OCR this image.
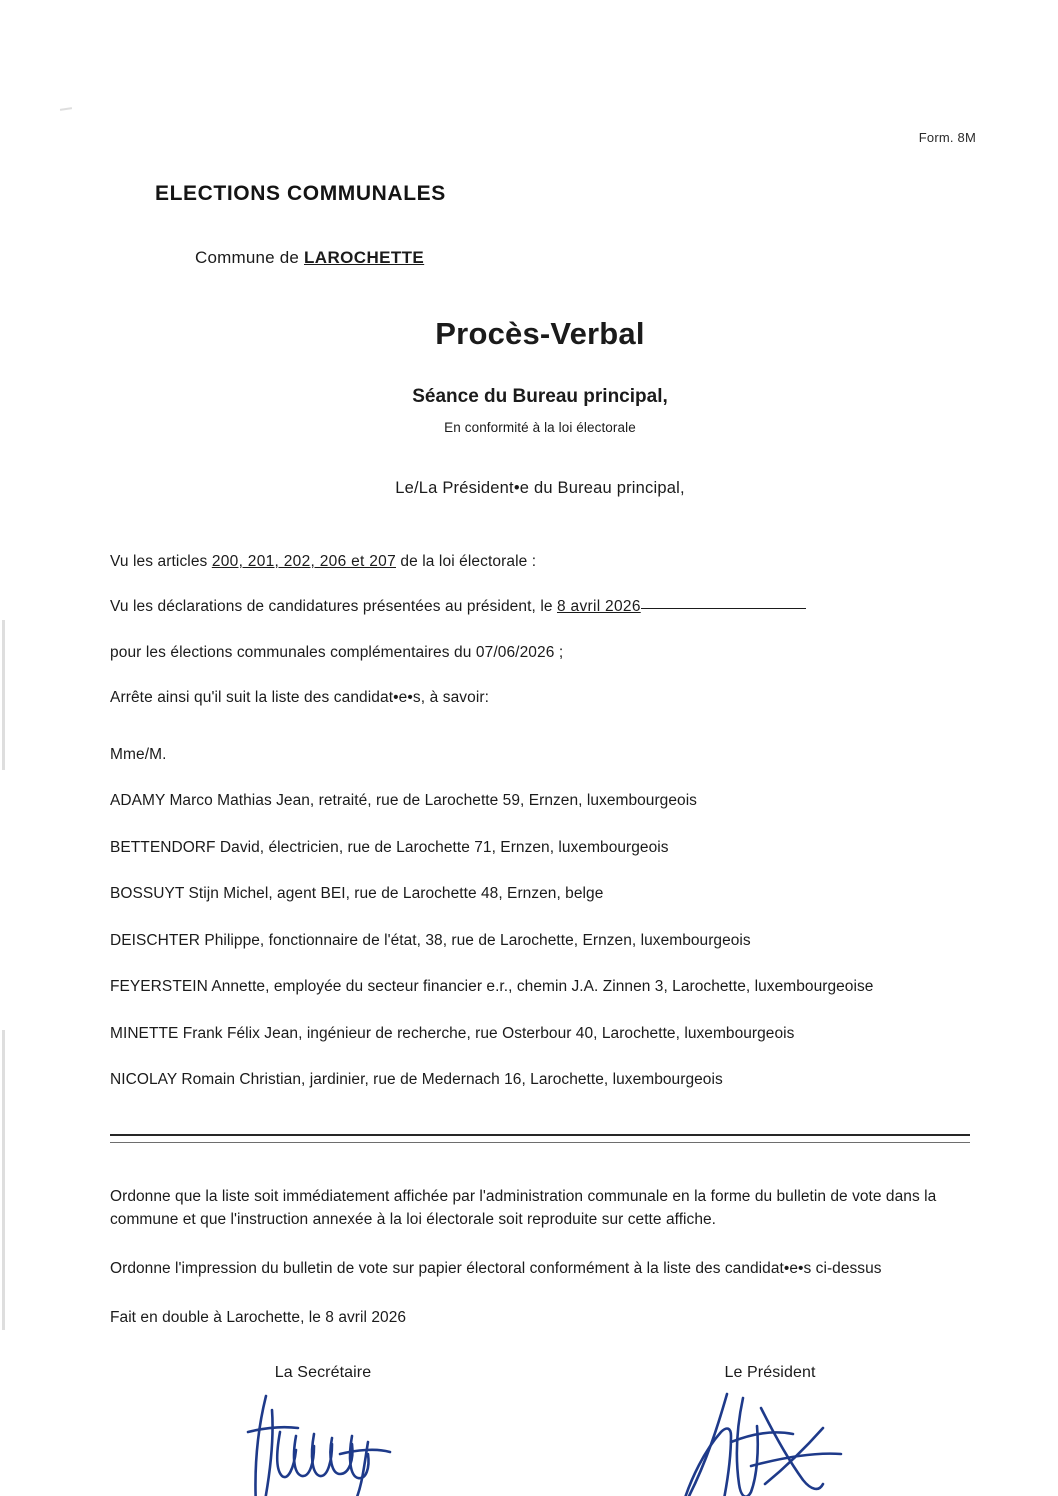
Form. 8M
ELECTIONS COMMUNALES
Commune de LAROCHETTE
Procès-Verbal
Séance du Bureau principal,
En conformité à la loi électorale
Le/La Président•e du Bureau principal,

Vu les articles 200, 201, 202, 206 et 207 de la loi électorale :

Vu les déclarations de candidatures présentées au président, le 8 avril 2026

pour les élections communales complémentaires du 07/06/2026 ;

Arrête ainsi qu'il suit la liste des candidat•e•s, à savoir:

Mme/M.

ADAMY Marco Mathias Jean, retraité, rue de Larochette 59, Ernzen, luxembourgeois
BETTENDORF David, électricien, rue de Larochette 71, Ernzen, luxembourgeois
BOSSUYT Stijn Michel, agent BEI, rue de Larochette 48, Ernzen, belge
DEISCHTER Philippe, fonctionnaire de l'état, 38, rue de Larochette, Ernzen, luxembourgeois
FEYERSTEIN Annette, employée du secteur financier e.r., chemin J.A. Zinnen 3, Larochette, luxembourgeoise
MINETTE Frank Félix Jean, ingénieur de recherche, rue Osterbour 40, Larochette, luxembourgeois
NICOLAY Romain Christian, jardinier, rue de Medernach 16, Larochette, luxembourgeois

Ordonne que la liste soit immédiatement affichée par l'administration communale en la forme du bulletin de vote dans la commune et que l'instruction annexée à la loi électorale soit reproduite sur cette affiche.

Ordonne l'impression du bulletin de vote sur papier électoral conformément à la liste des candidat•e•s ci-dessus

Fait en double à Larochette, le 8 avril 2026

La Secrétaire	Le Président
